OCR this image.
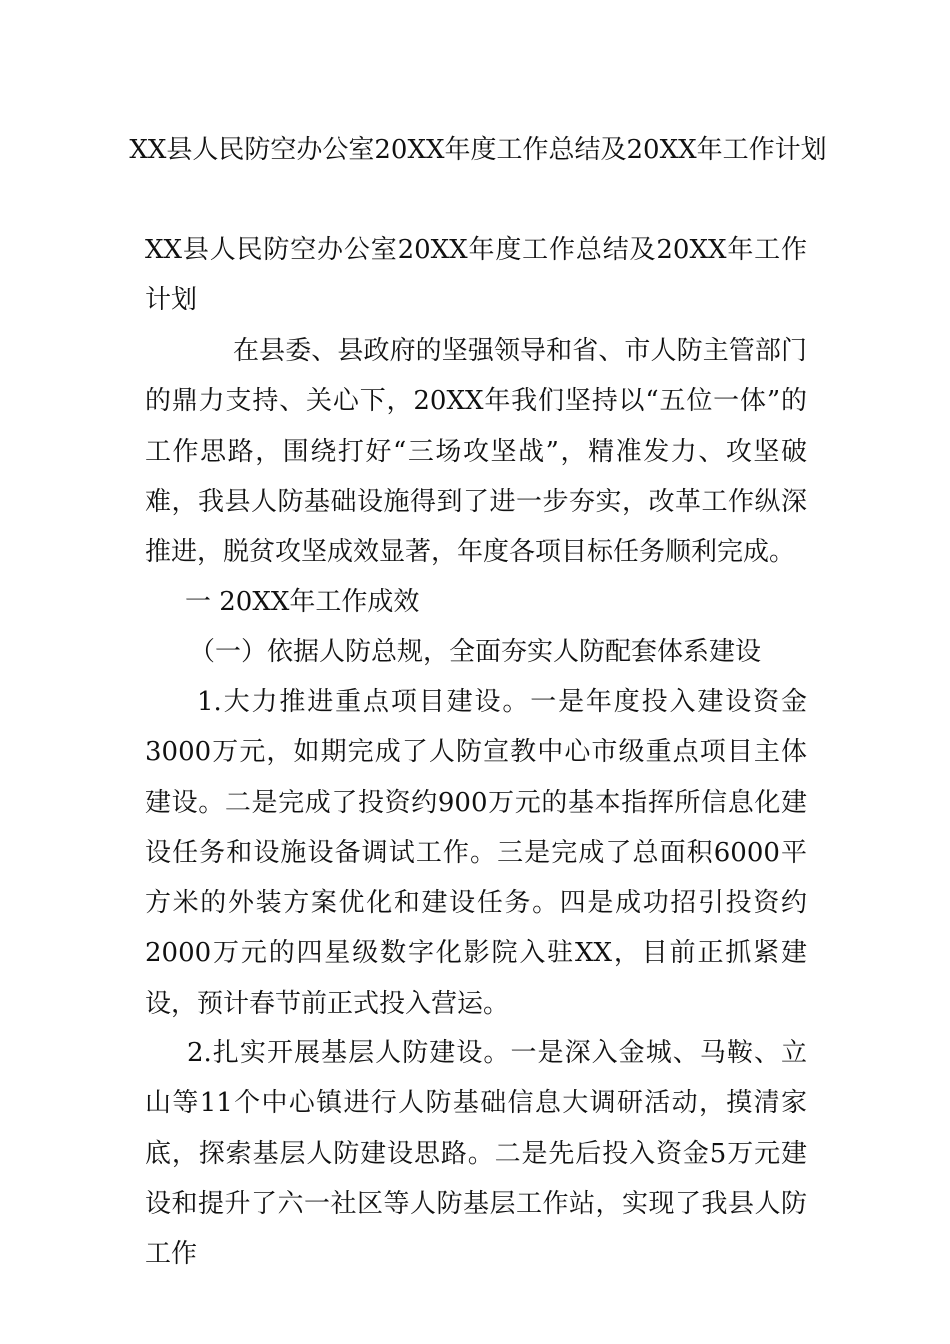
XX县人民防空办公室20XX年度工作总结及20XX年工作计划

XX县人民防空办公室20XX年度工作总结及20XX年工作计划

在县委、县政府的坚强领导和省、市人防主管部门的鼎力支持、关心下，20XX年我们坚持以“五位一体”的工作思路，围绕打好“三场攻坚战”，精准发力、攻坚破难，我县人防基础设施得到了进一步夯实，改革工作纵深推进，脱贫攻坚成效显著，年度各项目标任务顺利完成。

一 20XX年工作成效

（一）依据人防总规，全面夯实人防配套体系建设

1.大力推进重点项目建设。一是年度投入建设资金3000万元，如期完成了人防宣教中心市级重点项目主体建设。二是完成了投资约900万元的基本指挥所信息化建设任务和设施设备调试工作。三是完成了总面积6000平方米的外装方案优化和建设任务。四是成功招引投资约2000万元的四星级数字化影院入驻XX，目前正抓紧建设，预计春节前正式投入营运。

2.扎实开展基层人防建设。一是深入金城、马鞍、立山等11个中心镇进行人防基础信息大调研活动，摸清家底，探索基层人防建设思路。二是先后投入资金5万元建设和提升了六一社区等人防基层工作站，实现了我县人防工作
